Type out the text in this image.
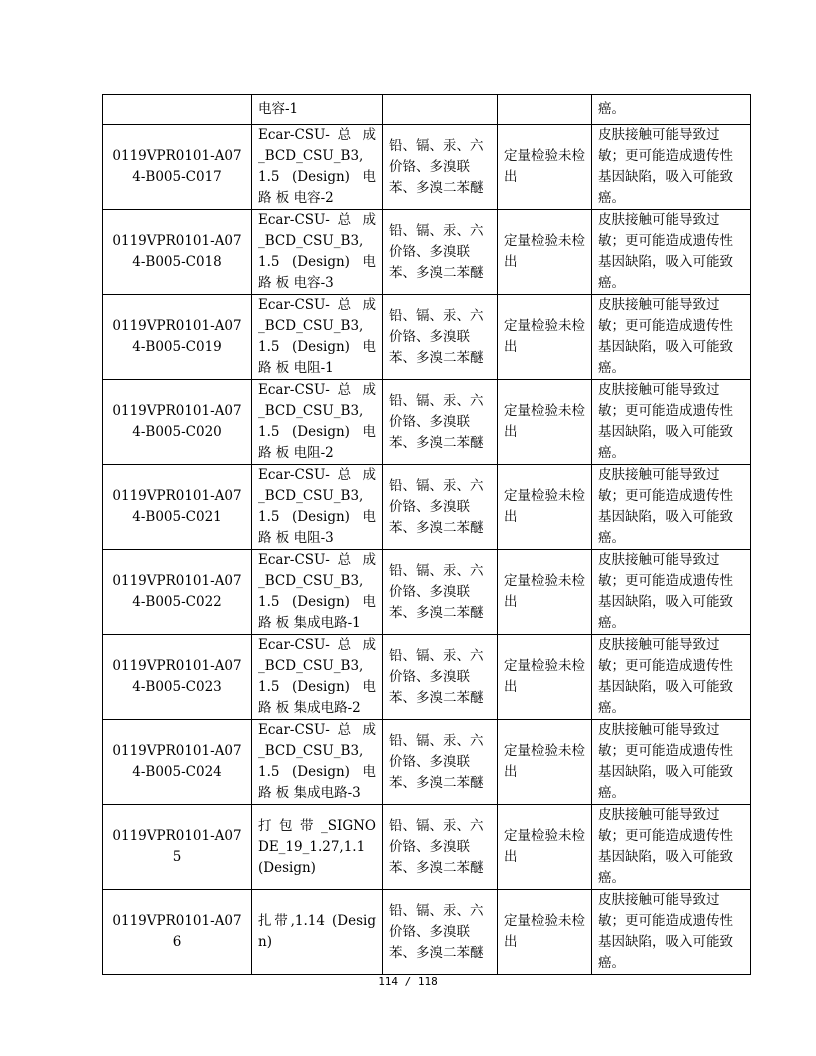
	电容-1			癌。
0119VPR0101-A074-B005-C017	Ecar-CSU- 总 成 _BCD_CSU_B3,1.5 (Design) 电 路 板 电容-2	铅、镉、汞、六价铬、多溴联苯、多溴二苯醚	定量检验未检出	皮肤接触可能导致过敏；更可能造成遗传性基因缺陷，吸入可能致癌。
0119VPR0101-A074-B005-C018	Ecar-CSU- 总 成 _BCD_CSU_B3,1.5 (Design) 电 路 板 电容-3	铅、镉、汞、六价铬、多溴联苯、多溴二苯醚	定量检验未检出	皮肤接触可能导致过敏；更可能造成遗传性基因缺陷，吸入可能致癌。
0119VPR0101-A074-B005-C019	Ecar-CSU- 总 成 _BCD_CSU_B3,1.5 (Design) 电 路 板 电阻-1	铅、镉、汞、六价铬、多溴联苯、多溴二苯醚	定量检验未检出	皮肤接触可能导致过敏；更可能造成遗传性基因缺陷，吸入可能致癌。
0119VPR0101-A074-B005-C020	Ecar-CSU- 总 成 _BCD_CSU_B3,1.5 (Design) 电 路 板 电阻-2	铅、镉、汞、六价铬、多溴联苯、多溴二苯醚	定量检验未检出	皮肤接触可能导致过敏；更可能造成遗传性基因缺陷，吸入可能致癌。
0119VPR0101-A074-B005-C021	Ecar-CSU- 总 成 _BCD_CSU_B3,1.5 (Design) 电 路 板 电阻-3	铅、镉、汞、六价铬、多溴联苯、多溴二苯醚	定量检验未检出	皮肤接触可能导致过敏；更可能造成遗传性基因缺陷，吸入可能致癌。
0119VPR0101-A074-B005-C022	Ecar-CSU- 总 成 _BCD_CSU_B3,1.5 (Design) 电 路 板 集成电路-1	铅、镉、汞、六价铬、多溴联苯、多溴二苯醚	定量检验未检出	皮肤接触可能导致过敏；更可能造成遗传性基因缺陷，吸入可能致癌。
0119VPR0101-A074-B005-C023	Ecar-CSU- 总 成 _BCD_CSU_B3,1.5 (Design) 电 路 板 集成电路-2	铅、镉、汞、六价铬、多溴联苯、多溴二苯醚	定量检验未检出	皮肤接触可能导致过敏；更可能造成遗传性基因缺陷，吸入可能致癌。
0119VPR0101-A074-B005-C024	Ecar-CSU- 总 成 _BCD_CSU_B3,1.5 (Design) 电 路 板 集成电路-3	铅、镉、汞、六价铬、多溴联苯、多溴二苯醚	定量检验未检出	皮肤接触可能导致过敏；更可能造成遗传性基因缺陷，吸入可能致癌。
0119VPR0101-A075	打 包 带 _SIGNODE_19_1.27,1.1 (Design)	铅、镉、汞、六价铬、多溴联苯、多溴二苯醚	定量检验未检出	皮肤接触可能导致过敏；更可能造成遗传性基因缺陷，吸入可能致癌。
0119VPR0101-A076	扎带,1.14 (Design)	铅、镉、汞、六价铬、多溴联苯、多溴二苯醚	定量检验未检出	皮肤接触可能导致过敏；更可能造成遗传性基因缺陷，吸入可能致癌。
114 / 118
